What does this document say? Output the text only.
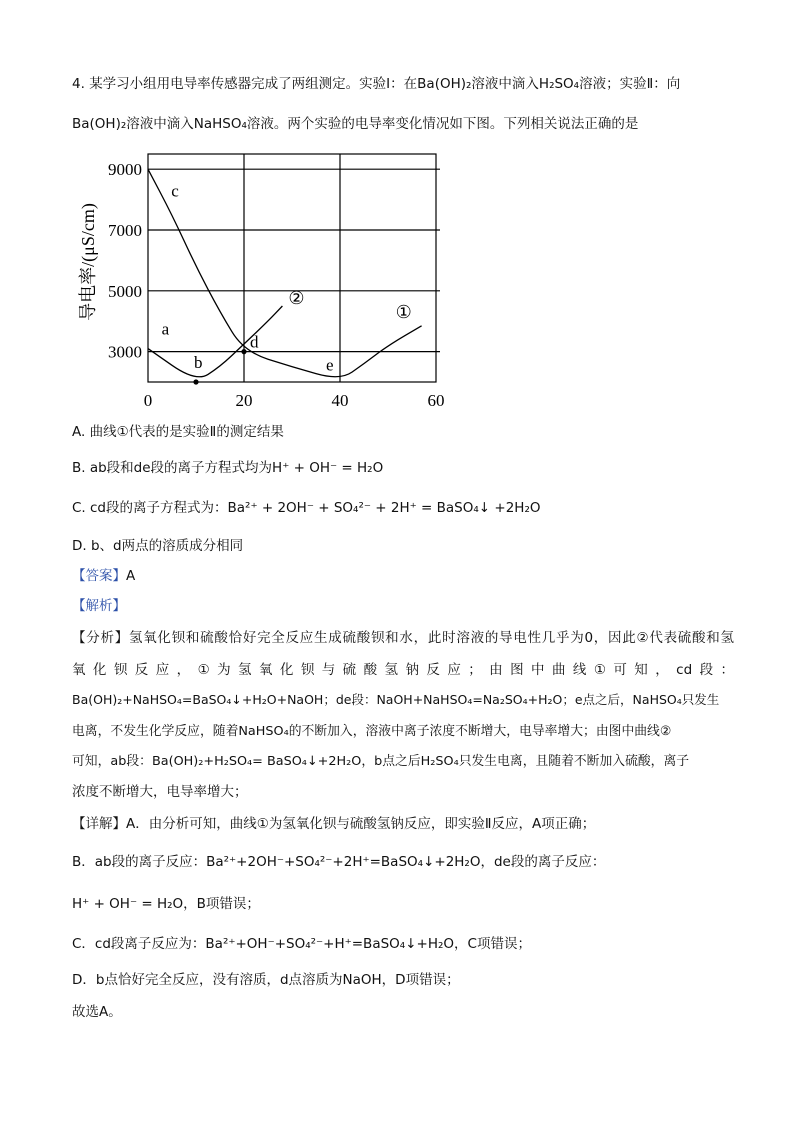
4. 某学习小组用电导率传感器完成了两组测定。实验Ⅰ：在Ba(OH)₂溶液中滴入H₂SO₄溶液；实验Ⅱ：向
Ba(OH)₂溶液中滴入NaHSO₄溶液。两个实验的电导率变化情况如下图。下列相关说法正确的是
3000
5000
7000
9000
0	20	40	60
②
①
a
b
c
d
e
导电率/(μS/cm)
A. 曲线①代表的是实验Ⅱ的测定结果
B. ab段和de段的离子方程式均为H⁺ + OH⁻ = H₂O
C. cd段的离子方程式为：Ba²⁺ + 2OH⁻ + SO₄²⁻ + 2H⁺ = BaSO₄↓ +2H₂O
D. b、d两点的溶质成分相同
【答案】A
【解析】
【分析】氢氧化钡和硫酸恰好完全反应生成硫酸钡和水，此时溶液的导电性几乎为0，因此②代表硫酸和氢
氧化钡反应，①为氢氧化钡与硫酸氢钠反应；由图中曲线①可知，cd段：
Ba(OH)₂+NaHSO₄=BaSO₄↓+H₂O+NaOH；de段：NaOH+NaHSO₄=Na₂SO₄+H₂O；e点之后，NaHSO₄只发生
电离，不发生化学反应，随着NaHSO₄的不断加入，溶液中离子浓度不断增大，电导率增大；由图中曲线②
可知，ab段：Ba(OH)₂+H₂SO₄= BaSO₄↓+2H₂O，b点之后H₂SO₄只发生电离，且随着不断加入硫酸，离子
浓度不断增大，电导率增大；
【详解】A．由分析可知，曲线①为氢氧化钡与硫酸氢钠反应，即实验Ⅱ反应，A项正确；
B．ab段的离子反应：Ba²⁺+2OH⁻+SO₄²⁻+2H⁺=BaSO₄↓+2H₂O，de段的离子反应：
H⁺ + OH⁻ = H₂O，B项错误；
C．cd段离子反应为：Ba²⁺+OH⁻+SO₄²⁻+H⁺=BaSO₄↓+H₂O，C项错误；
D．b点恰好完全反应，没有溶质，d点溶质为NaOH，D项错误；
故选A。
